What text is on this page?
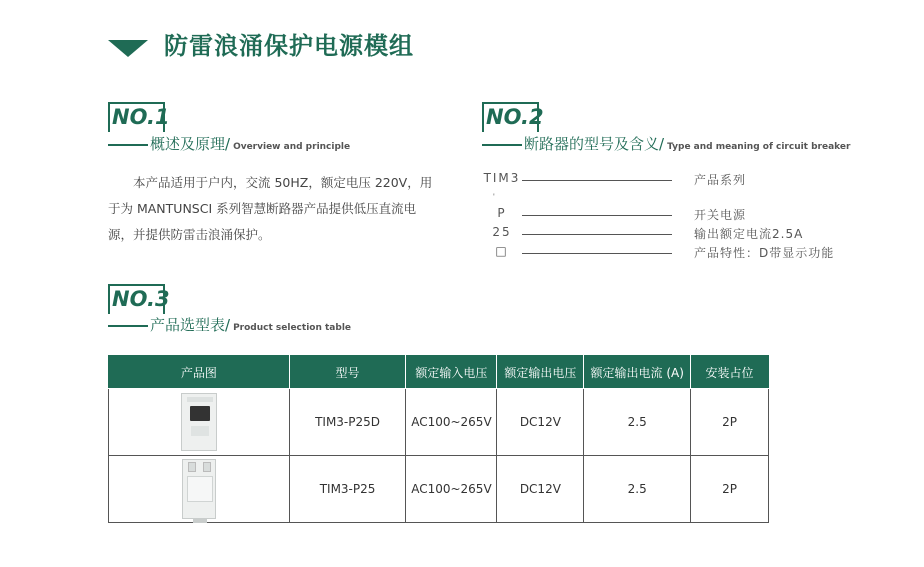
防雷浪涌保护电源模组
NO.1
概述及原理/ Overview and principle

本产品适用于户内，交流 50HZ，额定电压 220V，用于为 MANTUNSCI 系列智慧断路器产品提供低压直流电源，并提供防雷击浪涌保护。

NO.2
断路器的型号及含义/ Type and meaning of circuit breaker
TIM3	产品系列
'
P	开关电源
25	输出额定电流2.5A
□	产品特性：D带显示功能
NO.3
产品选型表/ Product selection table
产品图	型号	额定输入电压	额定输出电压	额定输出电流 (A)	安装占位

	TIM3-P25D	AC100~265V	DC12V	2.5	2P

	TIM3-P25	AC100~265V	DC12V	2.5	2P
